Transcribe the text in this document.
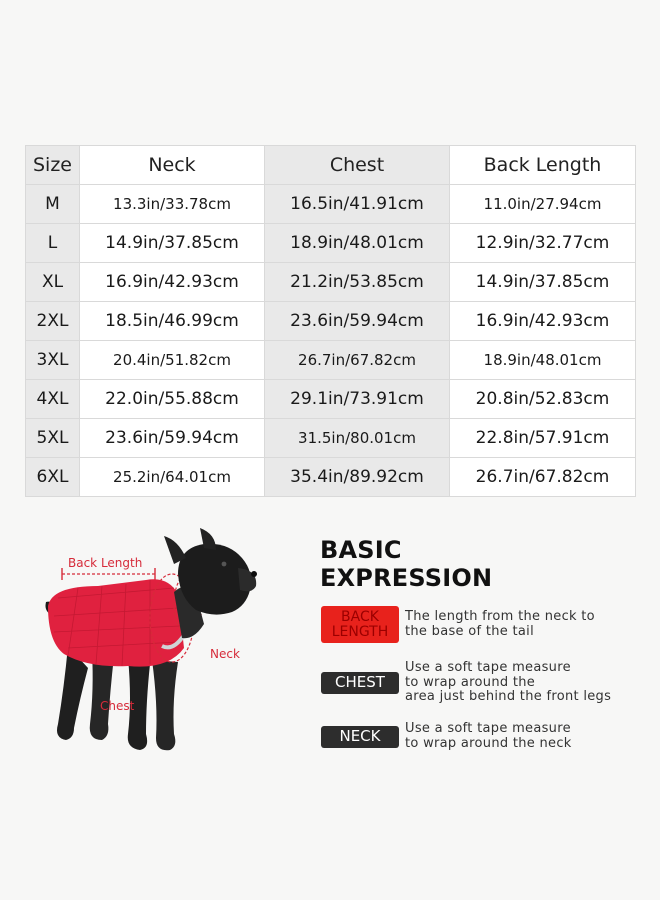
Size	Neck	Chest	Back Length
M	13.3in/33.78cm	16.5in/41.91cm	11.0in/27.94cm
L	14.9in/37.85cm	18.9in/48.01cm	12.9in/32.77cm
XL	16.9in/42.93cm	21.2in/53.85cm	14.9in/37.85cm
2XL	18.5in/46.99cm	23.6in/59.94cm	16.9in/42.93cm
3XL	20.4in/51.82cm	26.7in/67.82cm	18.9in/48.01cm
4XL	22.0in/55.88cm	29.1in/73.91cm	20.8in/52.83cm
5XL	23.6in/59.94cm	31.5in/80.01cm	22.8in/57.91cm
6XL	25.2in/64.01cm	35.4in/89.92cm	26.7in/67.82cm
Back Length
Neck
Chest
BASIC
EXPRESSION
BACK
LENGTH
The length from the neck to
the base of the tail
CHEST
Use a soft tape measure
to wrap around the
area just behind the front legs
NECK	Use a soft tape measure
to wrap around the neck
